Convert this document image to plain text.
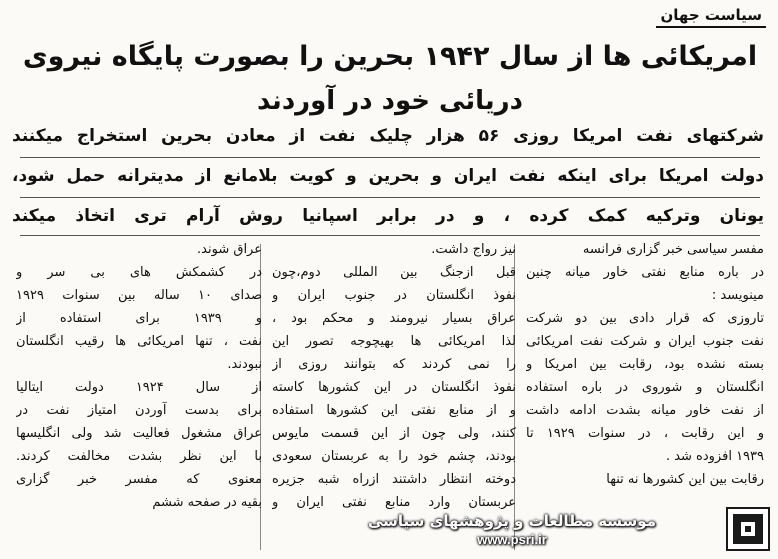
سیاست جهان
امریکائی ها از سال ۱۹۴۲ بحرین را بصورت پایگاه نیروی
دریائی خود در آوردند
شرکتهای نفت امریکا روزی ۵۶ هزار چلیک نفت از معادن بحرین استخراج میکنند
دولت امریکا برای اینکه نفت ایران و بحرین و کویت بلامانع از مدیترانه حمل شود،
یونان وترکیه کمک کرده ، و در برابر اسپانیا روش آرام تری اتخاذ میکند
مفسر سیاسی خبر گزاری فرانسه
در باره منابع نفتی خاور میانه چنین
مینویسد :
تاروزی که قرار دادی بین دو شرکت
نفت جنوب ایران و شرکت نفت امریکائی
بسته نشده بود، رقابت بین امریکا و
انگلستان و شوروی در باره استفاده
از نفت خاور میانه بشدت ادامه داشت
و این رقابت ، در سنوات ۱۹۲۹ تا
۱۹۳۹ افزوده شد .
رقابت بین این کشورها نه تنها
نیز رواج داشت.
قبل ازجنگ بین المللی دوم،چون
نفوذ انگلستان در جنوب ایران و
عراق بسیار نیرومند و محکم بود ،
لذا امریکائی ها بهیچوجه تصور این
را نمی کردند که بتوانند روزی از
نفوذ انگلستان در این کشورها کاسته
و از منابع نفتی این کشورها استفاده
کنند، ولی چون از این قسمت مایوس
بودند، چشم خود را به عربستان سعودی
دوخته انتظار داشتند ازراه شبه جزیره
عربستان وارد منابع نفتی ایران و
عراق شوند.
در کشمکش های بی سر و
صدای ۱۰ ساله بین سنوات ۱۹۲۹
و ۱۹۳۹ برای استفاده از
نفت ، تنها امریکائی ها رقیب انگلستان
نبودند.
از سال ۱۹۲۴ دولت ایتالیا
برای بدست آوردن امتیاز نفت در
عراق مشغول فعالیت شد ولی انگلیسها
با این نظر بشدت مخالفت کردند.
معنوی که مفسر خبر گزاری
بقیه در صفحه ششم
موسسه مطالعات و پژوهشهای سیاسی
www.psri.ir
